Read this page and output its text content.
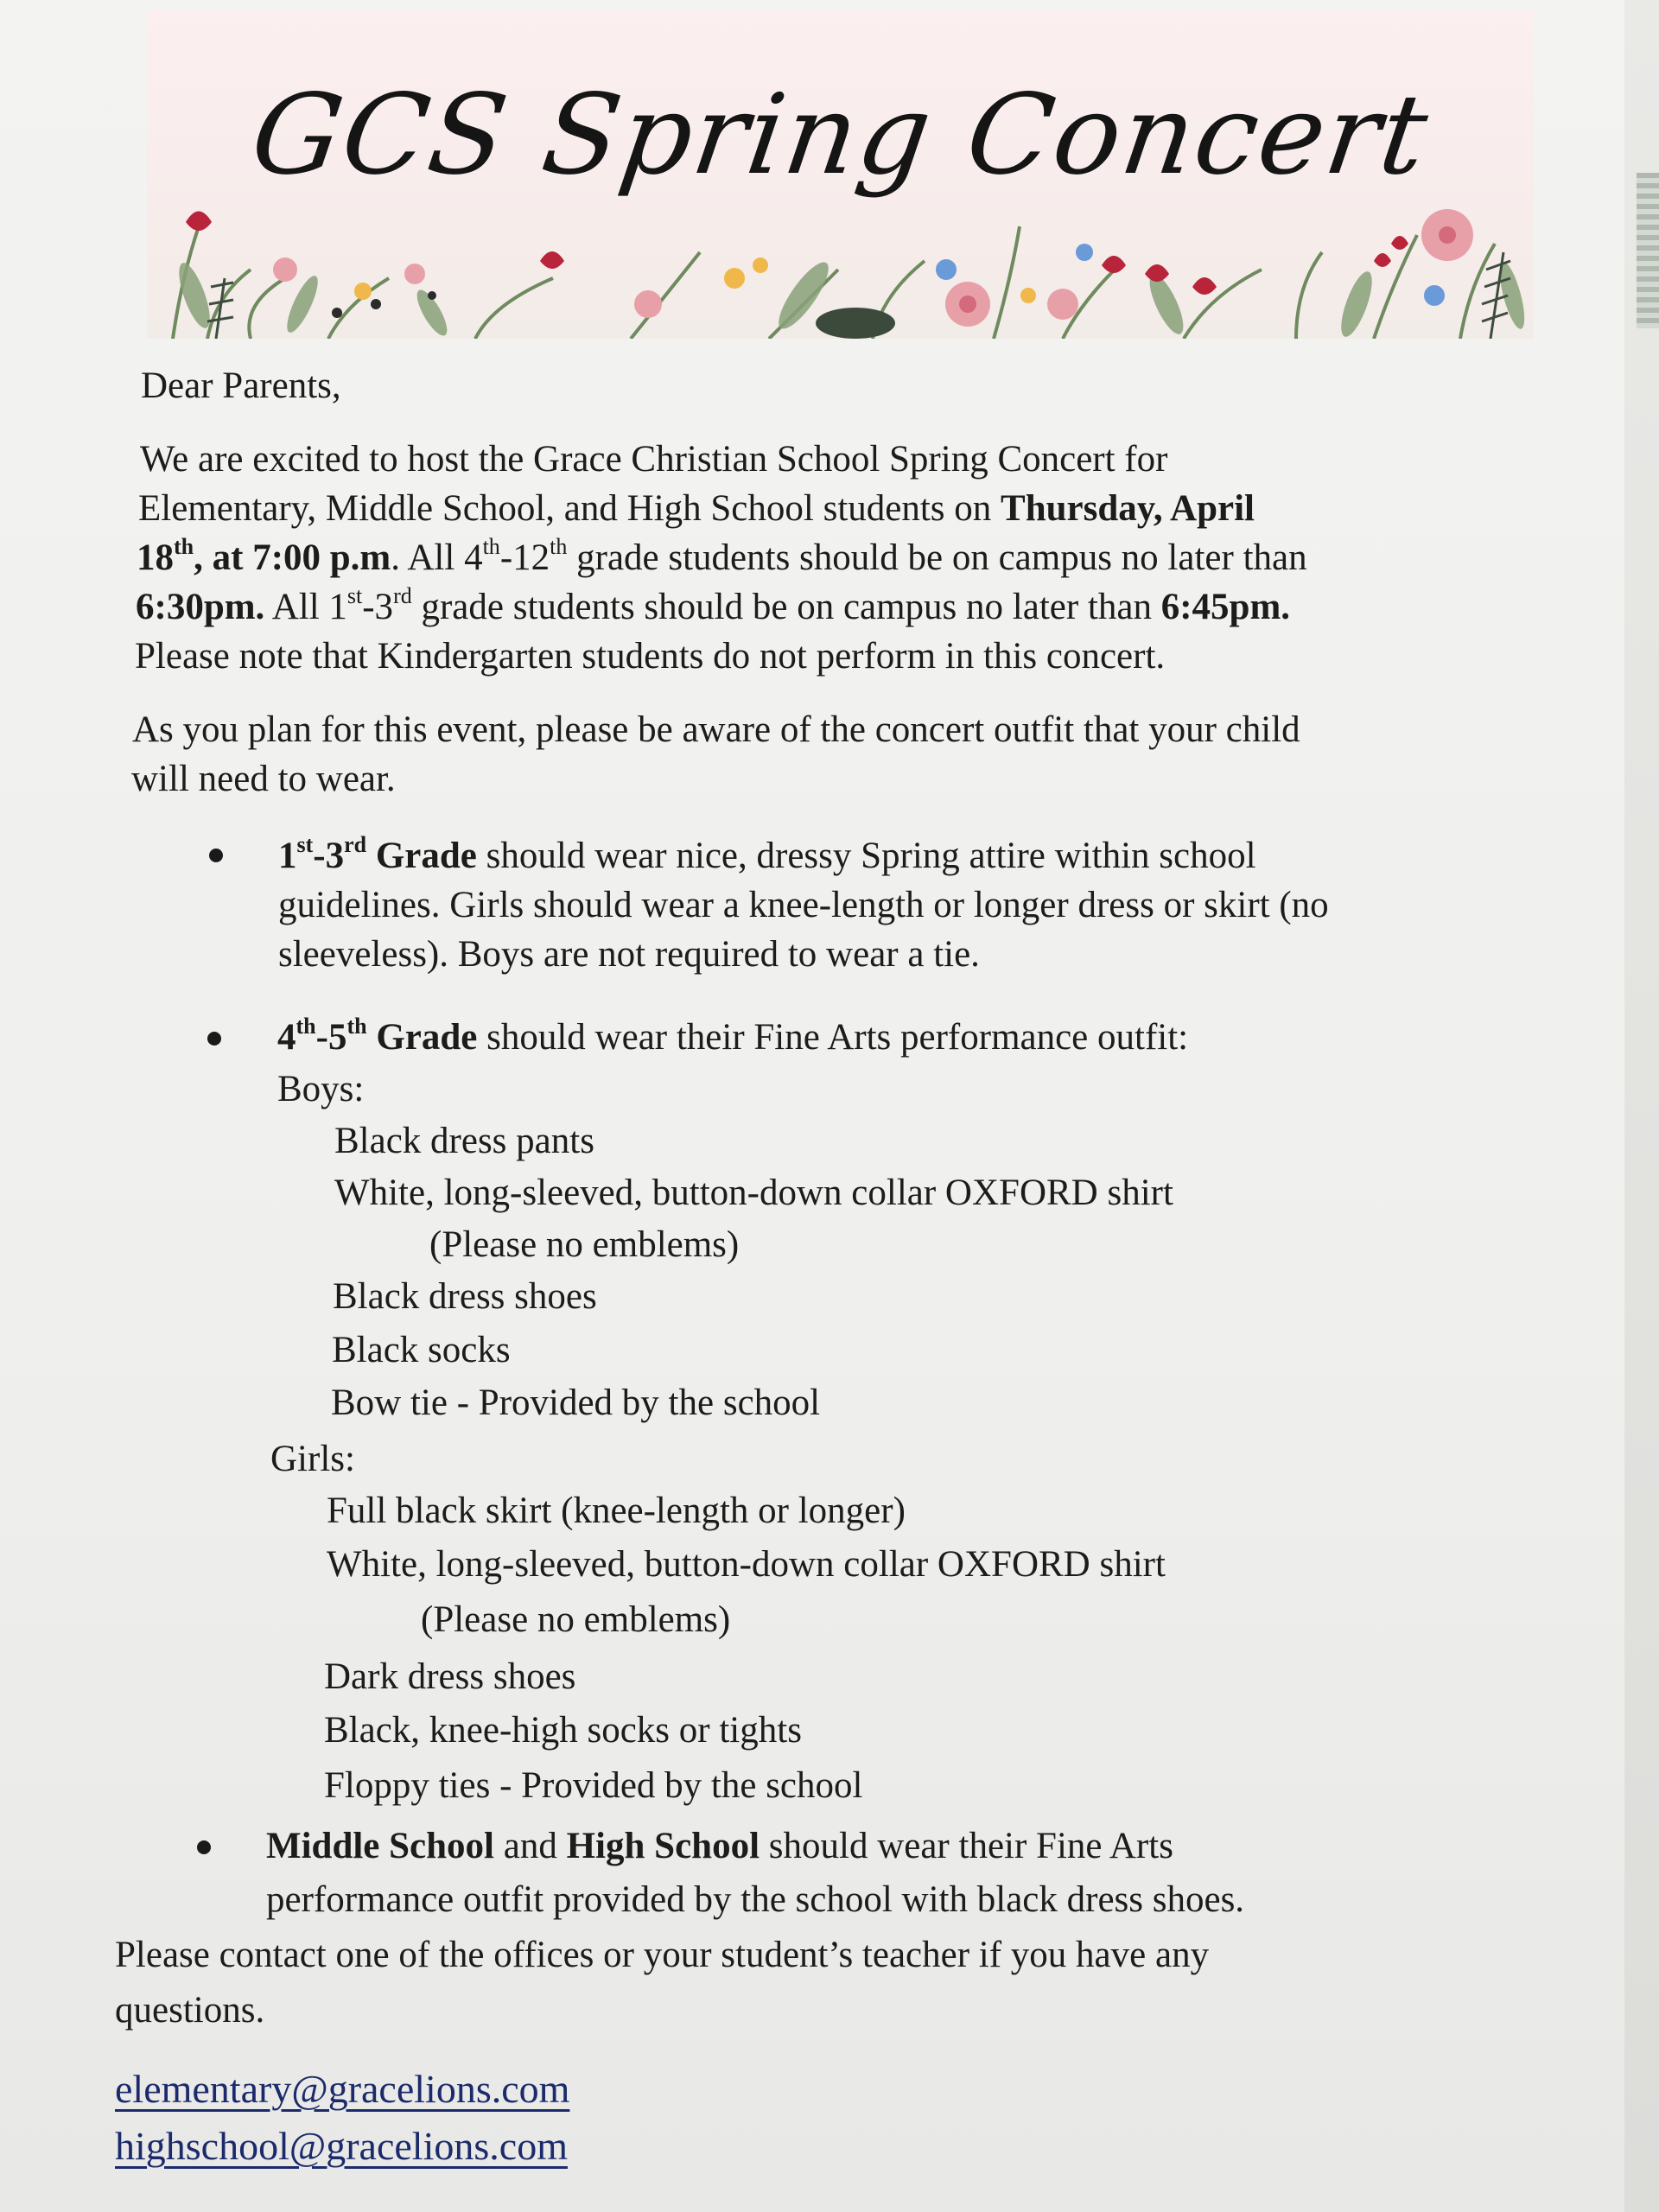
GCS Spring Concert
Dear Parents,
We are excited to host the Grace Christian School Spring Concert for
Elementary, Middle School, and High School students on Thursday, April
18th, at 7:00 p.m. All 4th-12th grade students should be on campus no later than
6:30pm. All 1st-3rd grade students should be on campus no later than 6:45pm.
Please note that Kindergarten students do not perform in this concert.
As you plan for this event, please be aware of the concert outfit that your child
will need to wear.
1st-3rd Grade should wear nice, dressy Spring attire within school
guidelines. Girls should wear a knee-length or longer dress or skirt (no
sleeveless). Boys are not required to wear a tie.
4th-5th Grade should wear their Fine Arts performance outfit:
Boys:
Black dress pants
White, long-sleeved, button-down collar OXFORD shirt
(Please no emblems)
Black dress shoes
Black socks
Bow tie - Provided by the school
Girls:
Full black skirt (knee-length or longer)
White, long-sleeved, button-down collar OXFORD shirt
(Please no emblems)
Dark dress shoes
Black, knee-high socks or tights
Floppy ties - Provided by the school
Middle School and High School should wear their Fine Arts
performance outfit provided by the school with black dress shoes.
Please contact one of the offices or your student’s teacher if you have any
questions.
elementary@gracelions.com
highschool@gracelions.com
